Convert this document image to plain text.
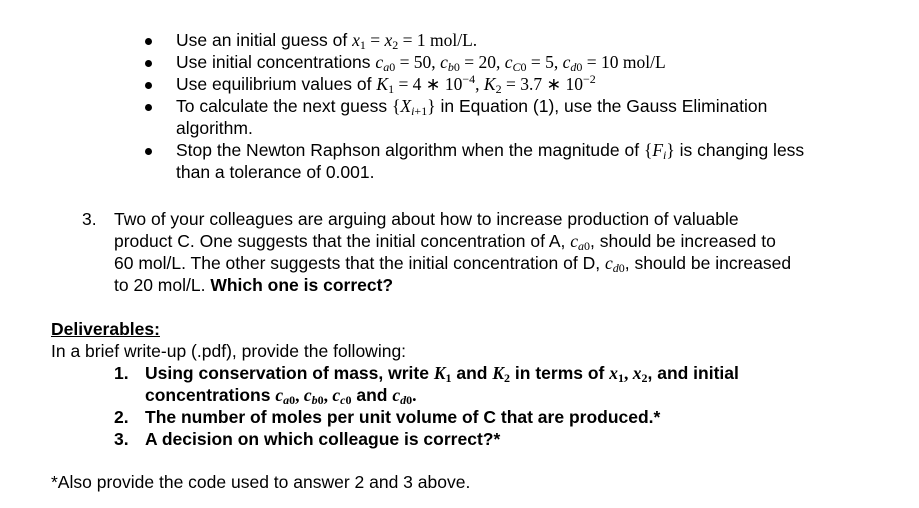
Use an initial guess of $x_1 = x_2 = 1$ mol/L.
Use initial concentrations $c_{a0} = 50$, $c_{b0} = 20$, $c_{C0} = 5$, $c_{d0} = 10$ mol/L
Use equilibrium values of $K_1 = 4$ ∗ $10^{-4}$, $K_2 = 3.7$ ∗ $10^{-2}$
To calculate the next guess $\{X_{i+1}\}$ in Equation (1), use the Gauss Elimination
algorithm.
Stop the Newton Raphson algorithm when the magnitude of $\{F_i\}$ is changing less
than a tolerance of 0.001.
3. Two of your colleagues are arguing about how to increase production of valuable
product C. One suggests that the initial concentration of A, $c_{a0}$, should be increased to
60 mol/L. The other suggests that the initial concentration of D, $c_{d0}$, should be increased
to 20 mol/L. Which one is correct?
Deliverables:
In a brief write-up (.pdf), provide the following:
1. Using conservation of mass, write $K_1$ and $K_2$ in terms of $x_1$, $x_2$, and initial
concentrations $c_{a0}$, $c_{b0}$, $c_{c0}$ and $c_{d0}$.
2. The number of moles per unit volume of C that are produced.*
3. A decision on which colleague is correct?*
*Also provide the code used to answer 2 and 3 above.
